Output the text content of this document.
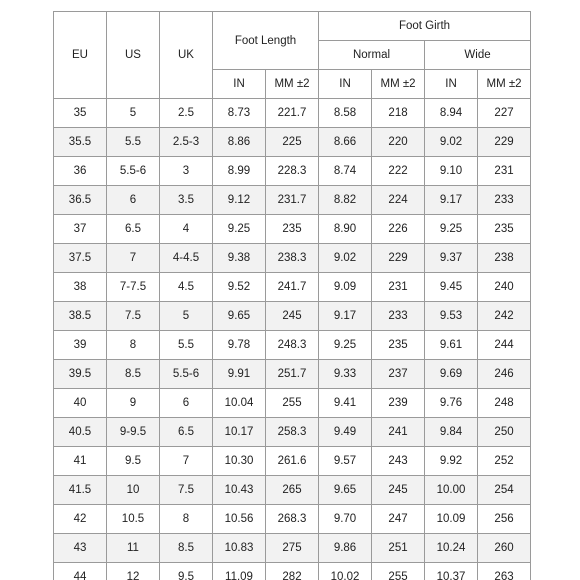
EU	US	UK	Foot Length		Foot Girth			
					Normal		Wide	
			IN	MM ±2	IN	MM ±2	IN	MM ±2
35	5	2.5	8.73	221.7	8.58	218	8.94	227
35.5	5.5	2.5-3	8.86	225	8.66	220	9.02	229
36	5.5-6	3	8.99	228.3	8.74	222	9.10	231
36.5	6	3.5	9.12	231.7	8.82	224	9.17	233
37	6.5	4	9.25	235	8.90	226	9.25	235
37.5	7	4-4.5	9.38	238.3	9.02	229	9.37	238
38	7-7.5	4.5	9.52	241.7	9.09	231	9.45	240
38.5	7.5	5	9.65	245	9.17	233	9.53	242
39	8	5.5	9.78	248.3	9.25	235	9.61	244
39.5	8.5	5.5-6	9.91	251.7	9.33	237	9.69	246
40	9	6	10.04	255	9.41	239	9.76	248
40.5	9-9.5	6.5	10.17	258.3	9.49	241	9.84	250
41	9.5	7	10.30	261.6	9.57	243	9.92	252
41.5	10	7.5	10.43	265	9.65	245	10.00	254
42	10.5	8	10.56	268.3	9.70	247	10.09	256
43	11	8.5	10.83	275	9.86	251	10.24	260
44	12	9.5	11.09	282	10.02	255	10.37	263
